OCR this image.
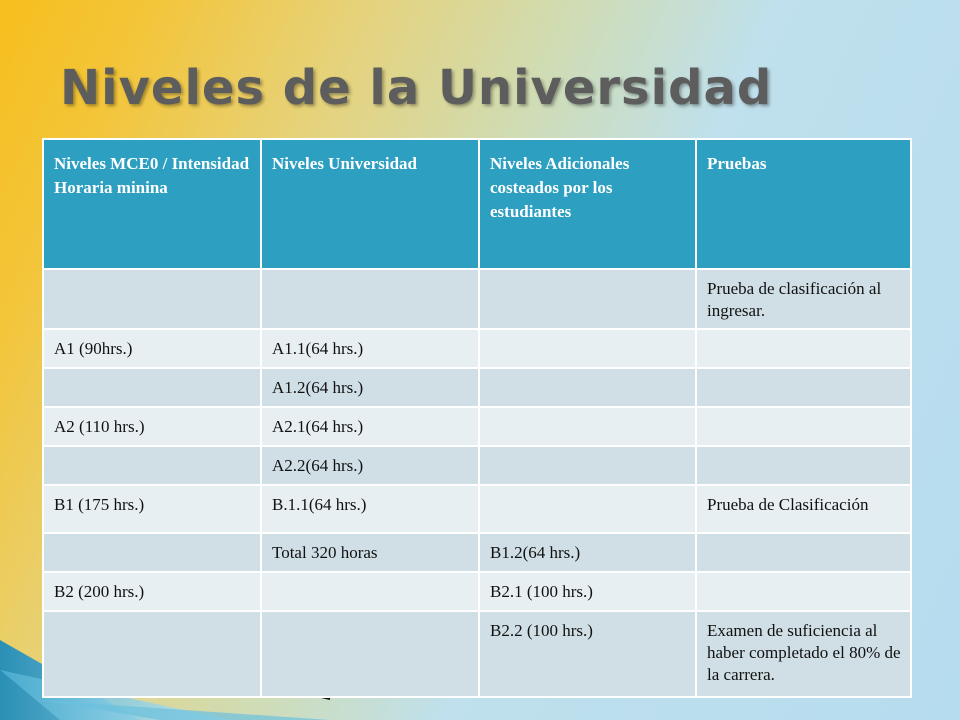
Niveles de la Universidad
Niveles MCE0 / Intensidad Horaria minina	Niveles Universidad	Niveles Adicionales costeados por los estudiantes	Pruebas
			Prueba de clasificación al ingresar.
A1 (90hrs.)	A1.1(64 hrs.)		
	A1.2(64 hrs.)		
A2 (110 hrs.)	A2.1(64 hrs.)		
	A2.2(64 hrs.)		
B1 (175 hrs.)	B.1.1(64 hrs.)		Prueba de Clasificación
	Total 320 horas	B1.2(64 hrs.)	
B2 (200 hrs.)		B2.1 (100 hrs.)	
		B2.2 (100 hrs.)	Examen de suficiencia al haber completado el 80% de la carrera.
